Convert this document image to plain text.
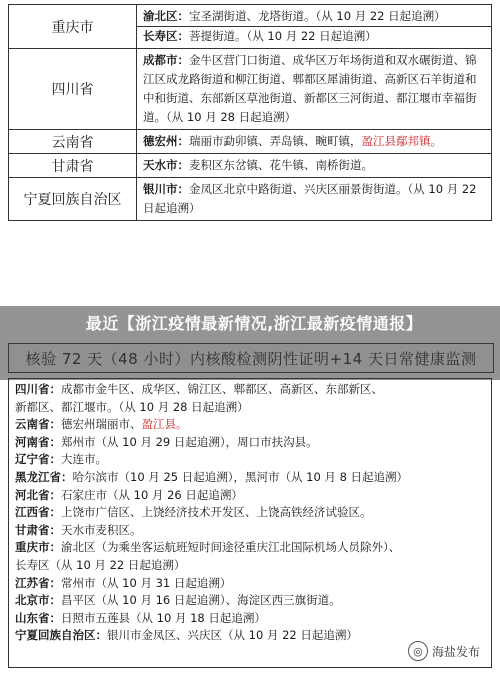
重庆市	渝北区：宝圣湖街道、龙塔街道。（从 10 月 22 日起追溯）
长寿区：菩提街道。（从 10 月 22 日起追溯）

四川省	成都市：金牛区营门口街道、成华区万年场街道和双水碾街道、锦江区成龙路街道和柳江街道、郫都区犀浦街道、高新区石羊街道和中和街道、东部新区草池街道、新都区三河街道、都江堰市幸福街道。（从 10 月 28 日起追溯）

云南省	德宏州：瑞丽市勐卯镇、弄岛镇、畹町镇，盈江县鄢邦镇。

甘肃省	天水市：麦积区东岔镇、花牛镇、南桥街道。

宁夏回族自治区	银川市：金凤区北京中路街道、兴庆区丽景街街道。（从 10 月 22 日起追溯）
最近【浙江疫情最新情况,浙江最新疫情通报】
四川省：成都市金牛区、成华区、锦江区、郫都区、高新区、东部新区、
新都区、都江堰市。（从 10 月 28 日起追溯）
云南省：德宏州瑞丽市、盈江县。
河南省：郑州市（从 10 月 29 日起追溯），周口市扶沟县。
辽宁省：大连市。
黑龙江省：哈尔滨市（10 月 25 日起追溯），黑河市（从 10 月 8 日起追溯）
河北省：石家庄市（从 10 月 26 日起追溯）
江西省：上饶市广信区、上饶经济技术开发区、上饶高铁经济试验区。
甘肃省：天水市麦积区。
重庆市：渝北区（为乘坐客运航班短时间途径重庆江北国际机场人员除外）、
长寿区（从 10 月 22 日起追溯）
江苏省：常州市（从 10 月 31 日起追溯）
北京市：昌平区（从 10 月 16 日起追溯）、海淀区西三旗街道。
山东省：日照市五莲县（从 10 月 18 日起追溯）
宁夏回族自治区：银川市金凤区、兴庆区（从 10 月 22 日起追溯）
◎ 海盐发布
